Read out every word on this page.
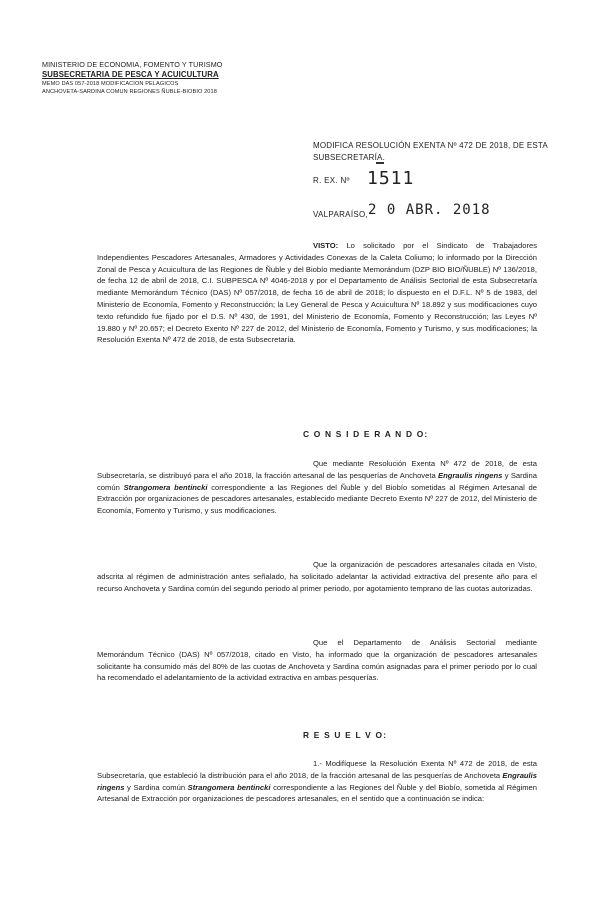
MINISTERIO DE ECONOMIA, FOMENTO Y TURISMO
SUBSECRETARIA DE PESCA Y ACUICULTURA
MEMO DAS 057-2018 MODIFICACION PELAGICOS
ANCHOVETA-SARDINA COMUN REGIONES ÑUBLE-BIOBIO 2018
MODIFICA RESOLUCIÓN EXENTA Nº 472 DE 2018, DE ESTA SUBSECRETARÍA.
R. EX. Nº 1511
VALPARAÍSO, 2 0 ABR. 2018
VISTO: Lo solicitado por el Sindicato de Trabajadores Independientes Pescadores Artesanales, Armadores y Actividades Conexas de la Caleta Coliumo; lo informado por la Dirección Zonal de Pesca y Acuicultura de las Regiones de Ñuble y del Biobío mediante Memorándum (DZP BIO BIO/ÑUBLE) Nº 136/2018, de fecha 12 de abril de 2018, C.I. SUBPESCA Nº 4046-2018 y por el Departamento de Análisis Sectorial de esta Subsecretaría mediante Memorándum Técnico (DAS) Nº 057/2018, de fecha 16 de abril de 2018; lo dispuesto en el D.F.L. Nº 5 de 1983, del Ministerio de Economía, Fomento y Reconstrucción; la Ley General de Pesca y Acuicultura Nº 18.892 y sus modificaciones cuyo texto refundido fue fijado por el D.S. Nº 430, de 1991, del Ministerio de Economía, Fomento y Reconstrucción; las Leyes Nº 19.880 y Nº 20.657; el Decreto Exento Nº 227 de 2012, del Ministerio de Economía, Fomento y Turismo, y sus modificaciones; la Resolución Exenta Nº 472 de 2018, de esta Subsecretaría.
C O N S I D E R A N D O:
Que mediante Resolución Exenta Nº 472 de 2018, de esta Subsecretaría, se distribuyó para el año 2018, la fracción artesanal de las pesquerías de Anchoveta Engraulis ringens y Sardina común Strangomera bentincki correspondiente a las Regiones del Ñuble y del Biobío sometidas al Régimen Artesanal de Extracción por organizaciones de pescadores artesanales, establecido mediante Decreto Exento Nº 227 de 2012, del Ministerio de Economía, Fomento y Turismo, y sus modificaciones.
Que la organización de pescadores artesanales citada en Visto, adscrita al régimen de administración antes señalado, ha solicitado adelantar la actividad extractiva del presente año para el recurso Anchoveta y Sardina común del segundo periodo al primer periodo, por agotamiento temprano de las cuotas autorizadas.
Que el Departamento de Análisis Sectorial mediante Memorándum Técnico (DAS) Nº 057/2018, citado en Visto, ha informado que la organización de pescadores artesanales solicitante ha consumido más del 80% de las cuotas de Anchoveta y Sardina común asignadas para el primer periodo por lo cual ha recomendado el adelantamiento de la actividad extractiva en ambas pesquerías.
R E S U E L V O:
1.- Modifíquese la Resolución Exenta Nº 472 de 2018, de esta Subsecretaría, que estableció la distribución para el año 2018, de la fracción artesanal de las pesquerías de Anchoveta Engraulis ringens y Sardina común Strangomera bentincki correspondiente a las Regiones del Ñuble y del Biobío, sometida al Régimen Artesanal de Extracción por organizaciones de pescadores artesanales, en el sentido que a continuación se indica:
